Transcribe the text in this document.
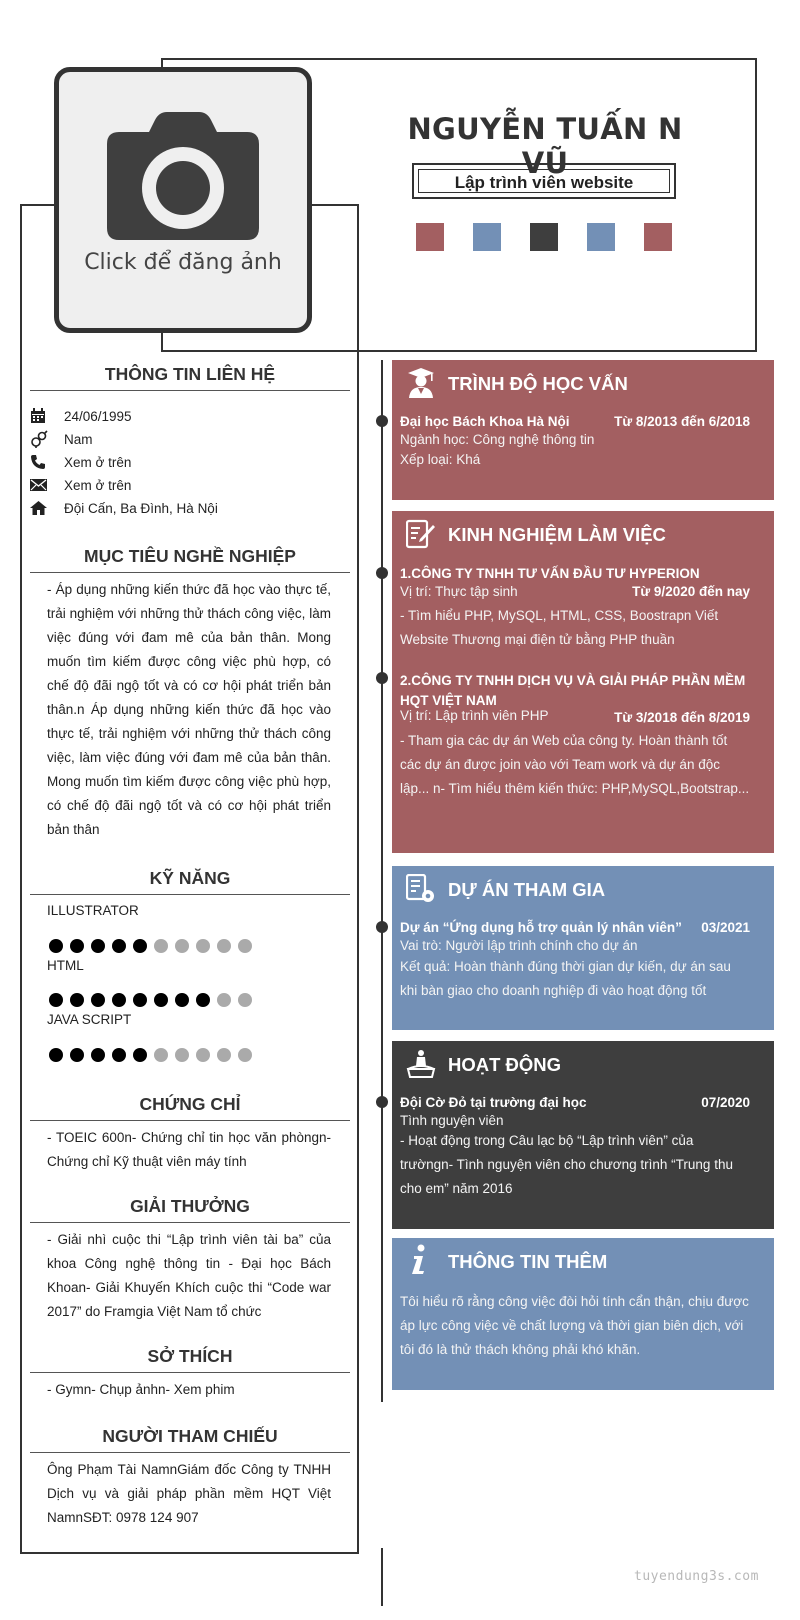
Click để đăng ảnh
NGUYỄN TUẤN N VŨ
Lập trình viên website
THÔNG TIN LIÊN HỆ
24/06/1995
Nam
Xem ở trên
Xem ở trên
Đội Cấn, Ba Đình, Hà Nội
MỤC TIÊU NGHỀ NGHIỆP
- Áp dụng những kiến thức đã học vào thực tế, trải nghiệm với những thử thách công việc, làm việc đúng với đam mê của bản thân. Mong muốn tìm kiếm được công việc phù hợp, có chế độ đãi ngộ tốt và có cơ hội phát triển bản thân.n Áp dụng những kiến thức đã học vào thực tế, trải nghiệm với những thử thách công việc, làm việc đúng với đam mê của bản thân. Mong muốn tìm kiếm được công việc phù hợp, có chế độ đãi ngộ tốt và có cơ hội phát triển bản thân
KỸ NĂNG
ILLUSTRATOR
HTML
JAVA SCRIPT
CHỨNG CHỈ
- TOEIC 600n- Chứng chỉ tin học văn phòngn- Chứng chỉ Kỹ thuật viên máy tính
GIẢI THƯỞNG
- Giải nhì cuộc thi “Lập trình viên tài ba” của khoa Công nghệ thông tin - Đại học Bách Khoan- Giải Khuyến Khích cuộc thi “Code war 2017” do Framgia Việt Nam tổ chức
SỞ THÍCH
- Gymn- Chụp ảnhn- Xem phim
NGƯỜI THAM CHIẾU
Ông Phạm Tài NamnGiám đốc Công ty TNHH Dịch vụ và giải pháp phần mềm HQT Việt NamnSĐT: 0978 124 907
TRÌNH ĐỘ HỌC VẤN
Đại học Bách Khoa Hà Nội	Từ 8/2013 đến 6/2018
Ngành học: Công nghệ thông tin
Xếp loại: Khá
KINH NGHIỆM LÀM VIỆC
1.CÔNG TY TNHH TƯ VẤN ĐẦU TƯ HYPERION
Vị trí: Thực tập sinh	Từ 9/2020 đến nay
- Tìm hiểu PHP, MySQL, HTML, CSS, Boostrapn Viết Website Thương mại điện tử bằng PHP thuần
2.CÔNG TY TNHH DỊCH VỤ VÀ GIẢI PHÁP PHẦN MỀM HQT VIỆT NAM
Vị trí: Lập trình viên PHP	Từ 3/2018 đến 8/2019
- Tham gia các dự án Web của công ty. Hoàn thành tốt các dự án được join vào với Team work và dự án độc lập... n- Tìm hiểu thêm kiến thức: PHP,MySQL,Bootstrap...
DỰ ÁN THAM GIA
Dự án “Ứng dụng hỗ trợ quản lý nhân viên” 03/2021
Vai trò: Người lập trình chính cho dự án
Kết quả: Hoàn thành đúng thời gian dự kiến, dự án sau khi bàn giao cho doanh nghiệp đi vào hoạt động tốt
HOẠT ĐỘNG
Đội Cờ Đỏ tại trường đại học	07/2020
Tình nguyện viên
- Hoạt động trong Câu lạc bộ “Lập trình viên” của trườngn- Tình nguyện viên cho chương trình “Trung thu cho em” năm 2016
THÔNG TIN THÊM
Tôi hiểu rõ rằng công việc đòi hỏi tính cẩn thận, chịu được áp lực công việc về chất lượng và thời gian biên dịch, với tôi đó là thử thách không phải khó khăn.
tuyendung3s.com
